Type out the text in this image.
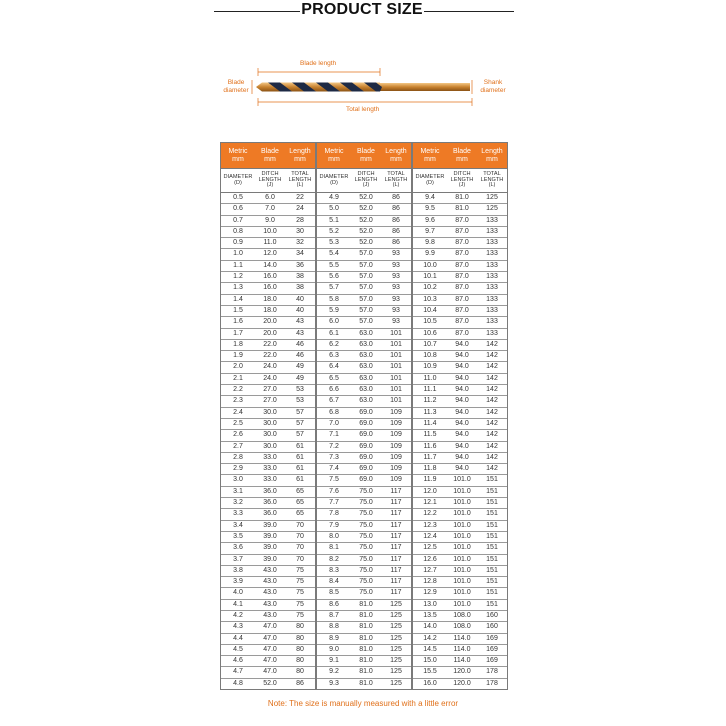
PRODUCT SIZE
Blade length
Blade diameter
Shank diameter
Total length
Metric
mm	Blade
mm	Length
mm
DIAMETER
(D)	DITCH
LENGTH
(J)	TOTAL
LENGTH
(L)
0.5	6.0	22
0.6	7.0	24
0.7	9.0	28
0.8	10.0	30
0.9	11.0	32
1.0	12.0	34
1.1	14.0	36
1.2	16.0	38
1.3	16.0	38
1.4	18.0	40
1.5	18.0	40
1.6	20.0	43
1.7	20.0	43
1.8	22.0	46
1.9	22.0	46
2.0	24.0	49
2.1	24.0	49
2.2	27.0	53
2.3	27.0	53
2.4	30.0	57
2.5	30.0	57
2.6	30.0	57
2.7	30.0	61
2.8	33.0	61
2.9	33.0	61
3.0	33.0	61
3.1	36.0	65
3.2	36.0	65
3.3	36.0	65
3.4	39.0	70
3.5	39.0	70
3.6	39.0	70
3.7	39.0	70
3.8	43.0	75
3.9	43.0	75
4.0	43.0	75
4.1	43.0	75
4.2	43.0	75
4.3	47.0	80
4.4	47.0	80
4.5	47.0	80
4.6	47.0	80
4.7	47.0	80
4.8	52.0	86
Metric
mm	Blade
mm	Length
mm
DIAMETER
(D)	DITCH
LENGTH
(J)	TOTAL
LENGTH
(L)
4.9	52.0	86
5.0	52.0	86
5.1	52.0	86
5.2	52.0	86
5.3	52.0	86
5.4	57.0	93
5.5	57.0	93
5.6	57.0	93
5.7	57.0	93
5.8	57.0	93
5.9	57.0	93
6.0	57.0	93
6.1	63.0	101
6.2	63.0	101
6.3	63.0	101
6.4	63.0	101
6.5	63.0	101
6.6	63.0	101
6.7	63.0	101
6.8	69.0	109
7.0	69.0	109
7.1	69.0	109
7.2	69.0	109
7.3	69.0	109
7.4	69.0	109
7.5	69.0	109
7.6	75.0	117
7.7	75.0	117
7.8	75.0	117
7.9	75.0	117
8.0	75.0	117
8.1	75.0	117
8.2	75.0	117
8.3	75.0	117
8.4	75.0	117
8.5	75.0	117
8.6	81.0	125
8.7	81.0	125
8.8	81.0	125
8.9	81.0	125
9.0	81.0	125
9.1	81.0	125
9.2	81.0	125
9.3	81.0	125
Metric
mm	Blade
mm	Length
mm
DIAMETER
(D)	DITCH
LENGTH
(J)	TOTAL
LENGTH
(L)
9.4	81.0	125
9.5	81.0	125
9.6	87.0	133
9.7	87.0	133
9.8	87.0	133
9.9	87.0	133
10.0	87.0	133
10.1	87.0	133
10.2	87.0	133
10.3	87.0	133
10.4	87.0	133
10.5	87.0	133
10.6	87.0	133
10.7	94.0	142
10.8	94.0	142
10.9	94.0	142
11.0	94.0	142
11.1	94.0	142
11.2	94.0	142
11.3	94.0	142
11.4	94.0	142
11.5	94.0	142
11.6	94.0	142
11.7	94.0	142
11.8	94.0	142
11.9	101.0	151
12.0	101.0	151
12.1	101.0	151
12.2	101.0	151
12.3	101.0	151
12.4	101.0	151
12.5	101.0	151
12.6	101.0	151
12.7	101.0	151
12.8	101.0	151
12.9	101.0	151
13.0	101.0	151
13.5	108.0	160
14.0	108.0	160
14.2	114.0	169
14.5	114.0	169
15.0	114.0	169
15.5	120.0	178
16.0	120.0	178
Note: The size is manually measured with a little error
